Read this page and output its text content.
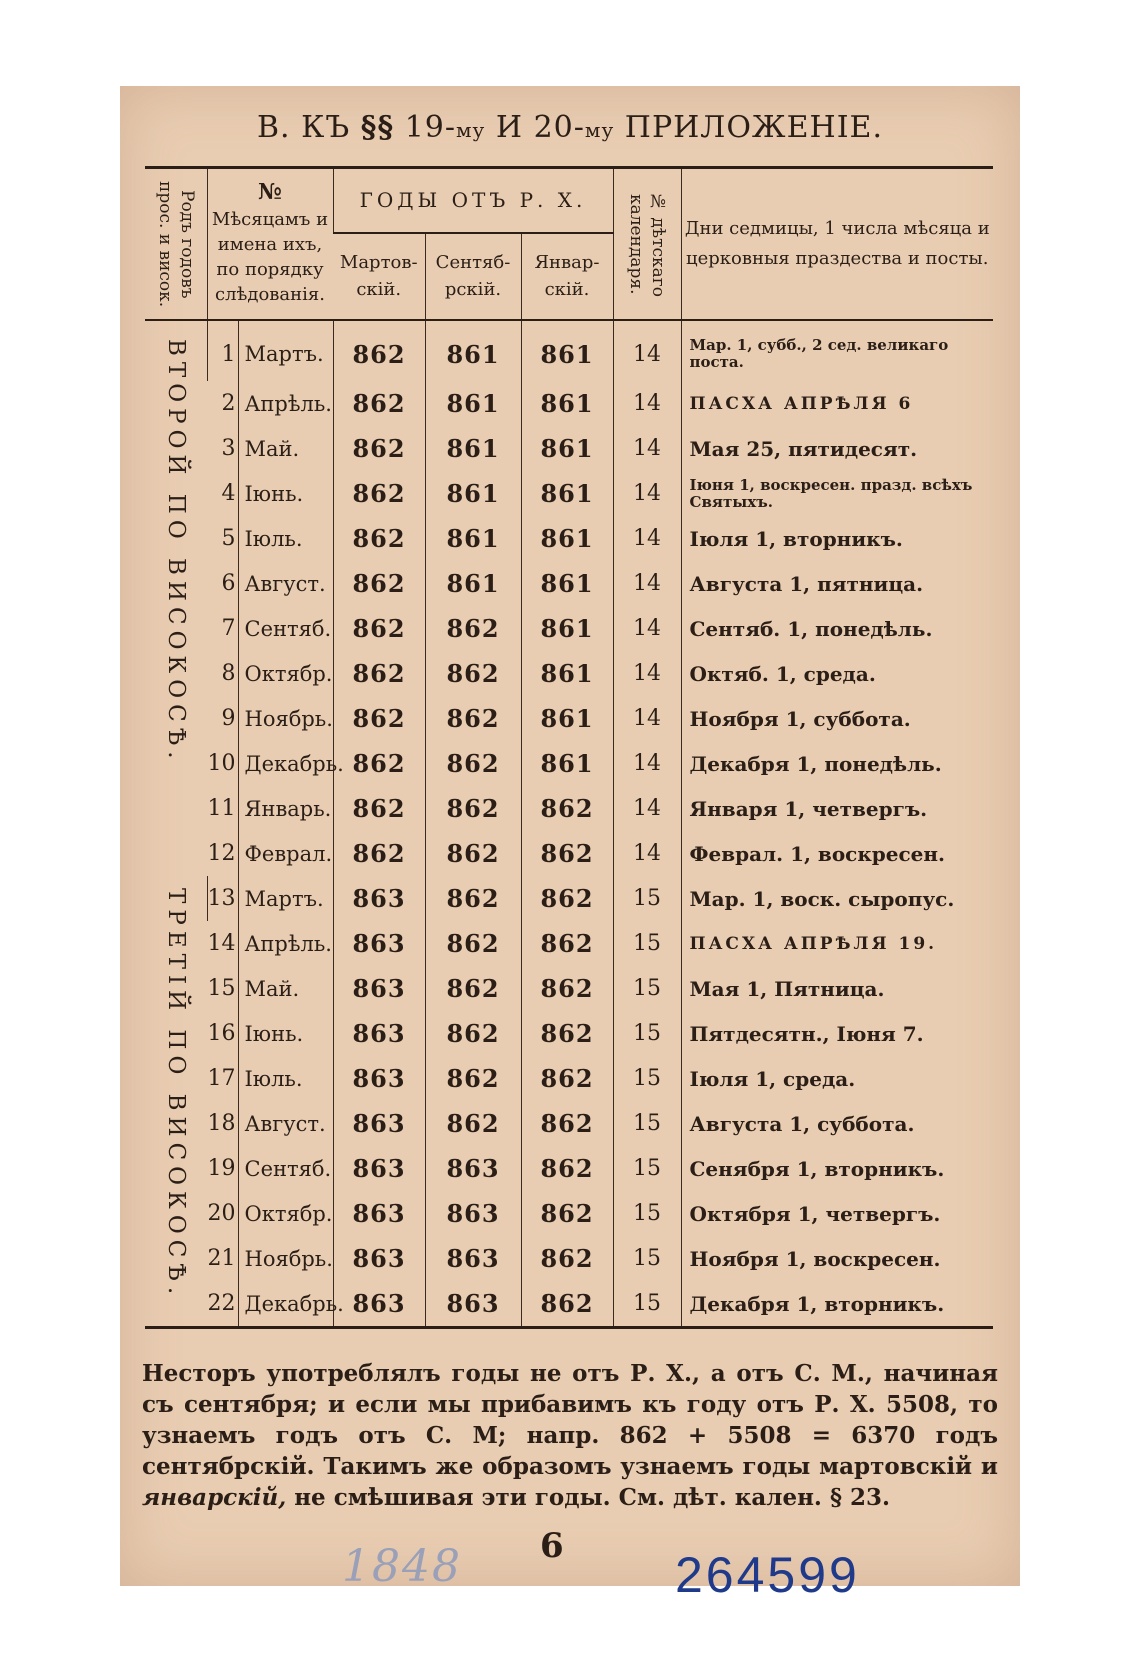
В. КЪ §§ 19-му И 20-му ПРИЛОЖЕНІЕ.
Родъ годовъ прос. и висок.	№
Мѣсяцамъ и имена ихъ, по порядку слѣдованія.		ГОДЫ ОТЪ Р. Х.			№ дѣтскаго календаря.	Дни седмицы, 1 числа мѣсяца и церковныя праздества и посты.
			Мартов-скій.	Сентяб-рскій.	Январ-скій.		

ВТОРОЙ ПО ВИСОКОСѢ.	1	Мартъ.	862	861	861	14	Мар. 1, субб., 2 сед. великаго поста.
	2	Апрѣль.	862	861	861	14	ПАСХА АПРѢЛЯ 6
	3	Май.	862	861	861	14	Мая 25, пятидесят.
	4	Іюнь.	862	861	861	14	Іюня 1, воскресен. празд. всѣхъ Святыхъ.
	5	Іюль.	862	861	861	14	Іюля 1, вторникъ.
	6	Август.	862	861	861	14	Августа 1, пятница.
	7	Сентяб.	862	862	861	14	Сентяб. 1, понедѣль.
	8	Октябр.	862	862	861	14	Октяб. 1, среда.
	9	Ноябрь.	862	862	861	14	Ноября 1, суббота.
	10	Декабрь.	862	862	861	14	Декабря 1, понедѣль.
	11	Январь.	862	862	862	14	Января 1, четвергъ.
	12	Феврал.	862	862	862	14	Феврал. 1, воскресен.

ТРЕТІЙ ПО ВИСОКОСѢ.	13	Мартъ.	863	862	862	15	Мар. 1, воск. сыропус.
	14	Апрѣль.	863	862	862	15	ПАСХА АПРѢЛЯ 19.
	15	Май.	863	862	862	15	Мая 1, Пятница.
	16	Іюнь.	863	862	862	15	Пятдесятн., Іюня 7.
	17	Іюль.	863	862	862	15	Іюля 1, среда.
	18	Август.	863	862	862	15	Августа 1, суббота.
	19	Сентяб.	863	863	862	15	Сенября 1, вторникъ.
	20	Октябр.	863	863	862	15	Октября 1, четвергъ.
	21	Ноябрь.	863	863	862	15	Ноября 1, воскресен.
	22	Декабрь.	863	863	862	15	Декабря 1, вторникъ.
Несторъ употреблялъ годы не отъ Р. Х., а отъ С. М., начиная съ сентября; и если мы прибавимъ къ году отъ Р. Х. 5508, то узнаемъ годъ отъ С. М; напр. 862 + 5508 = 6370 годъ сентябрскій. Такимъ же образомъ узнаемъ годы мартовскій и январскій, не смѣшивая эти годы. См. дѣт. кален. § 23.
6
1848	264599
